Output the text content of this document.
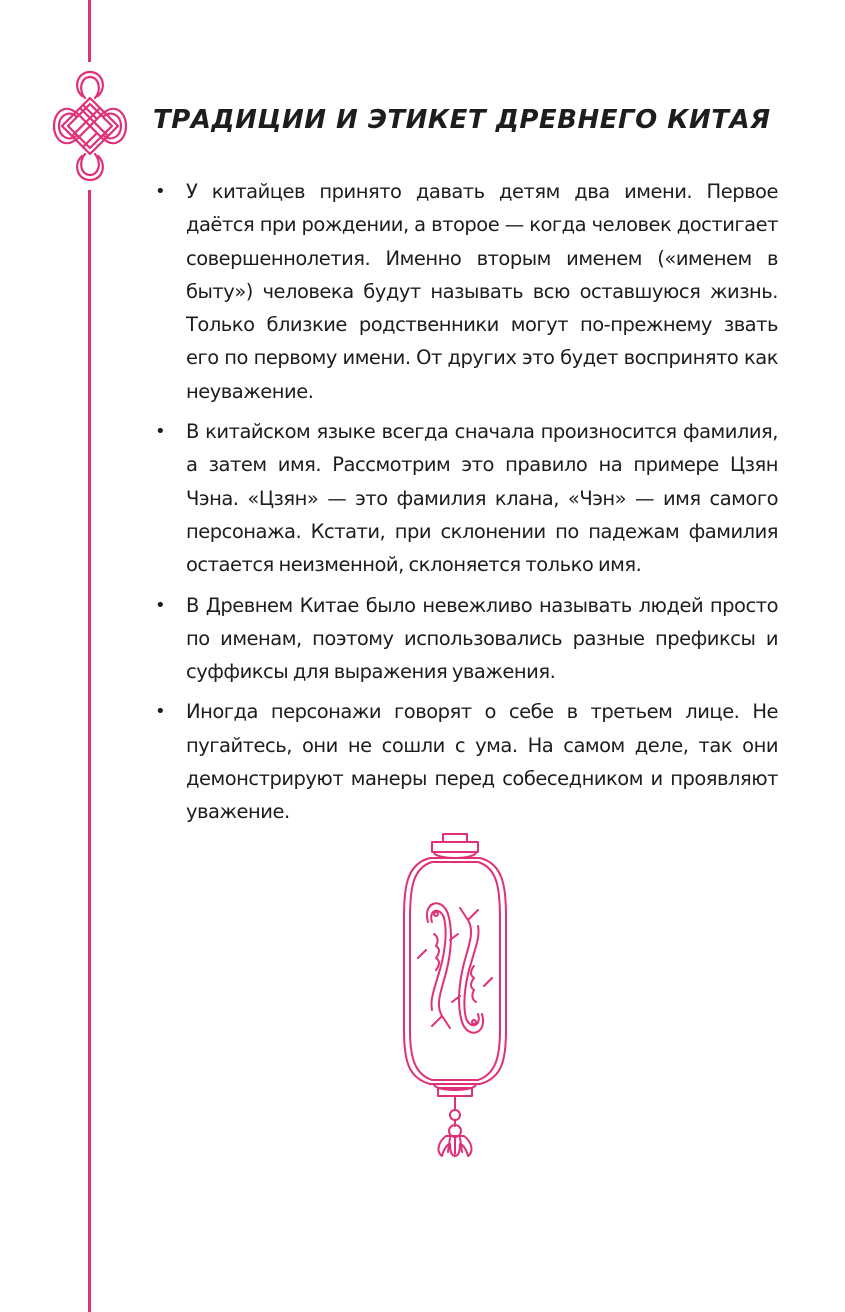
ТРАДИЦИИ И ЭТИКЕТ ДРЕВНЕГО КИТАЯ
• У китайцев принято давать детям два имени. Первое даётся при рождении, а второе — когда человек достигает совершеннолетия. Именно вторым именем («именем в быту») человека будут называть всю оставшуюся жизнь. Только близкие родственники могут по-прежнему звать его по первому имени. От других это будет воспринято как неуважение.
• В китайском языке всегда сначала произносится фамилия, а затем имя. Рассмотрим это правило на примере Цзян Чэна. «Цзян» — это фамилия клана, «Чэн» — имя самого персонажа. Кстати, при склонении по падежам фамилия остается неизменной, склоняется только имя.
• В Древнем Китае было невежливо называть людей просто по именам, поэтому использовались разные префиксы и суффиксы для выражения уважения.
• Иногда персонажи говорят о себе в третьем лице. Не пугайтесь, они не сошли с ума. На самом деле, так они демонстрируют манеры перед собеседником и проявляют уважение.
